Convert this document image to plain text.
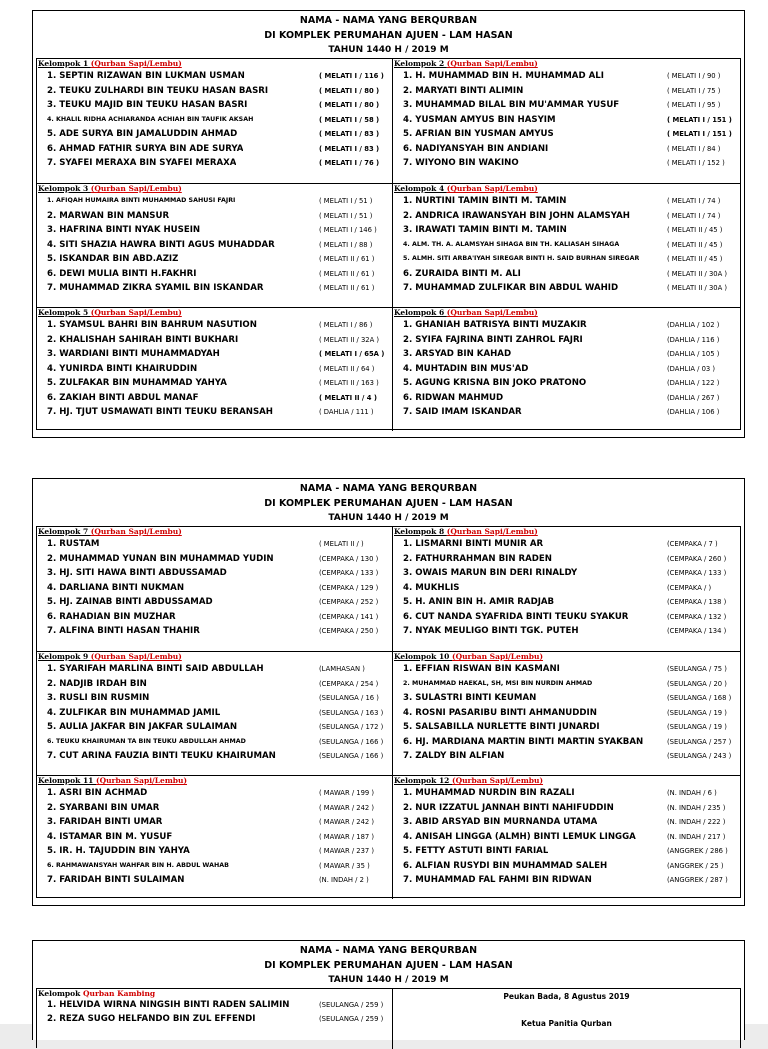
NAMA - NAMA YANG BERQURBAN
DI KOMPLEK PERUMAHAN AJUEN - LAM HASAN
TAHUN 1440 H / 2019 M
Kelompok 1 (Qurban Sapi/Lembu)
1. SEPTIN RIZAWAN BIN LUKMAN USMAN	( MELATI I / 116 )
2. TEUKU ZULHARDI BIN TEUKU HASAN BASRI	( MELATI I / 80 )
3. TEUKU MAJID BIN TEUKU HASAN BASRI	( MELATI I / 80 )
4. KHALIL RIDHA ACHIARANDA ACHIAH BIN TAUFIK AKSAH	( MELATI I / 58 )
5. ADE SURYA BIN JAMALUDDIN AHMAD	( MELATI I / 83 )
6. AHMAD FATHIR SURYA BIN ADE SURYA	( MELATI I / 83 )
7. SYAFEI MERAXA BIN SYAFEI MERAXA	( MELATI I / 76 )
Kelompok 2 (Qurban Sapi/Lembu)
1. H. MUHAMMAD BIN H. MUHAMMAD ALI	( MELATI I / 90 )
2. MARYATI BINTI ALIMIN	( MELATI I / 75 )
3. MUHAMMAD BILAL BIN MU'AMMAR YUSUF	( MELATI I / 95 )
4. YUSMAN AMYUS BIN HASYIM	( MELATI I / 151 )
5. AFRIAN BIN YUSMAN AMYUS	( MELATI I / 151 )
6. NADIYANSYAH BIN ANDIANI	( MELATI I / 84 )
7. WIYONO BIN WAKINO	( MELATI I / 152 )
Kelompok 3 (Qurban Sapi/Lembu)
1. AFIQAH HUMAIRA BINTI MUHAMMAD SAHUSI FAJRI	( MELATI I / 51 )
2. MARWAN BIN MANSUR	( MELATI I / 51 )
3. HAFRINA BINTI NYAK HUSEIN	( MELATI I / 146 )
4. SITI SHAZIA HAWRA BINTI AGUS MUHADDAR	( MELATI I / 88 )
5. ISKANDAR BIN ABD.AZIZ	( MELATI II / 61 )
6. DEWI MULIA BINTI H.FAKHRI	( MELATI II / 61 )
7. MUHAMMAD ZIKRA SYAMIL BIN ISKANDAR	( MELATI II / 61 )
Kelompok 4 (Qurban Sapi/Lembu)
1. NURTINI TAMIN BINTI M. TAMIN	( MELATI I / 74 )
2. ANDRICA IRAWANSYAH BIN JOHN ALAMSYAH	( MELATI I / 74 )
3. IRAWATI TAMIN BINTI M. TAMIN	( MELATI II / 45 )
4. ALM. TH. A. ALAMSYAH SIHAGA BIN TH. KALIASAH SIHAGA	( MELATI II / 45 )
5. ALMH. SITI ARBA'IYAH SIREGAR BINTI H. SAID BURHAN SIREGAR	( MELATI II / 45 )
6. ZURAIDA BINTI M. ALI	( MELATI II / 30A )
7. MUHAMMAD ZULFIKAR BIN ABDUL WAHID	( MELATI II / 30A )
Kelompok 5 (Qurban Sapi/Lembu)
1. SYAMSUL BAHRI BIN BAHRUM NASUTION	( MELATI I / 86 )
2. KHALISHAH SAHIRAH BINTI BUKHARI	( MELATI II / 32A )
3. WARDIANI BINTI MUHAMMADYAH	( MELATI I / 65A )
4. YUNIRDA BINTI KHAIRUDDIN	( MELATI II / 64 )
5. ZULFAKAR BIN MUHAMMAD YAHYA	( MELATI II / 163 )
6. ZAKIAH BINTI ABDUL MANAF	( MELATI II / 4 )
7. HJ. TJUT USMAWATI BINTI TEUKU BERANSAH	( DAHLIA / 111 )
Kelompok 6 (Qurban Sapi/Lembu)
1. GHANIAH BATRISYA BINTI MUZAKIR	(DAHLIA / 102 )
2. SYIFA FAJRINA BINTI ZAHROL FAJRI	(DAHLIA / 116 )
3. ARSYAD BIN KAHAD	(DAHLIA / 105 )
4. MUHTADIN BIN MUS'AD	(DAHLIA / 03 )
5. AGUNG KRISNA BIN JOKO PRATONO	(DAHLIA / 122 )
6. RIDWAN MAHMUD	(DAHLIA / 267 )
7. SAID IMAM ISKANDAR	(DAHLIA / 106 )
NAMA - NAMA YANG BERQURBAN
DI KOMPLEK PERUMAHAN AJUEN - LAM HASAN
TAHUN 1440 H / 2019 M
Kelompok 7 (Qurban Sapi/Lembu)
1. RUSTAM	( MELATI II / )
2. MUHAMMAD YUNAN BIN MUHAMMAD YUDIN	(CEMPAKA / 130 )
3. HJ. SITI HAWA BINTI ABDUSSAMAD	(CEMPAKA / 133 )
4. DARLIANA BINTI NUKMAN	(CEMPAKA / 129 )
5. HJ. ZAINAB BINTI ABDUSSAMAD	(CEMPAKA / 252 )
6. RAHADIAN BIN MUZHAR	(CEMPAKA / 141 )
7. ALFINA BINTI HASAN THAHIR	(CEMPAKA / 250 )
Kelompok 8 (Qurban Sapi/Lembu)
1. LISMARNI BINTI MUNIR AR	(CEMPAKA / 7 )
2. FATHURRAHMAN BIN RADEN	(CEMPAKA / 260 )
3. OWAIS MARUN BIN DERI RINALDY	(CEMPAKA / 133 )
4. MUKHLIS	(CEMPAKA / )
5. H. ANIN BIN H. AMIR RADJAB	(CEMPAKA / 138 )
6. CUT NANDA SYAFRIDA BINTI TEUKU SYAKUR	(CEMPAKA / 132 )
7. NYAK MEULIGO BINTI TGK. PUTEH	(CEMPAKA / 134 )
Kelompok 9 (Qurban Sapi/Lembu)
1. SYARIFAH MARLINA BINTI SAID ABDULLAH	(LAMHASAN )
2. NADJIB IRDAH BIN	(CEMPAKA / 254 )
3. RUSLI BIN RUSMIN	(SEULANGA / 16 )
4. ZULFIKAR BIN MUHAMMAD JAMIL	(SEULANGA / 163 )
5. AULIA JAKFAR BIN JAKFAR SULAIMAN	(SEULANGA / 172 )
6. TEUKU KHAIRUMAN TA BIN TEUKU ABDULLAH AHMAD	(SEULANGA / 166 )
7. CUT ARINA FAUZIA BINTI TEUKU KHAIRUMAN	(SEULANGA / 166 )
Kelompok 10 (Qurban Sapi/Lembu)
1. EFFIAN RISWAN BIN KASMANI	(SEULANGA / 75 )
2. MUHAMMAD HAEKAL, SH, MSI BIN NURDIN AHMAD	(SEULANGA / 20 )
3. SULASTRI BINTI KEUMAN	(SEULANGA / 168 )
4. ROSNI PASARIBU BINTI AHMANUDDIN	(SEULANGA / 19 )
5. SALSABILLA NURLETTE BINTI JUNARDI	(SEULANGA / 19 )
6. HJ. MARDIANA MARTIN BINTI MARTIN SYAKBAN	(SEULANGA / 257 )
7. ZALDY BIN ALFIAN	(SEULANGA / 243 )
Kelompok 11 (Qurban Sapi/Lembu)
1. ASRI BIN ACHMAD	( MAWAR / 199 )
2. SYARBANI BIN UMAR	( MAWAR / 242 )
3. FARIDAH BINTI UMAR	( MAWAR / 242 )
4. ISTAMAR BIN M. YUSUF	( MAWAR / 187 )
5. IR. H. TAJUDDIN BIN YAHYA	( MAWAR / 237 )
6. RAHMAWANSYAH WAHFAR BIN H. ABDUL WAHAB	( MAWAR / 35 )
7. FARIDAH BINTI SULAIMAN	(N. INDAH / 2 )
Kelompok 12 (Qurban Sapi/Lembu)
1. MUHAMMAD NURDIN BIN RAZALI	(N. INDAH / 6 )
2. NUR IZZATUL JANNAH BINTI NAHIFUDDIN	(N. INDAH / 235 )
3. ABID ARSYAD BIN MURNANDA UTAMA	(N. INDAH / 222 )
4. ANISAH LINGGA (ALMH) BINTI LEMUK LINGGA	(N. INDAH / 217 )
5. FETTY ASTUTI BINTI FARIAL	(ANGGREK / 286 )
6. ALFIAN RUSYDI BIN MUHAMMAD SALEH	(ANGGREK / 25 )
7. MUHAMMAD FAL FAHMI BIN RIDWAN	(ANGGREK / 287 )
NAMA - NAMA YANG BERQURBAN
DI KOMPLEK PERUMAHAN AJUEN - LAM HASAN
TAHUN 1440 H / 2019 M
Kelompok Qurban Kambing
1. HELVIDA WIRNA NINGSIH BINTI RADEN SALIMIN	(SEULANGA / 259 )
2. REZA SUGO HELFANDO BIN ZUL EFFENDI	(SEULANGA / 259 )
Peukan Bada, 8 Agustus 2019
Ketua Panitia Qurban
